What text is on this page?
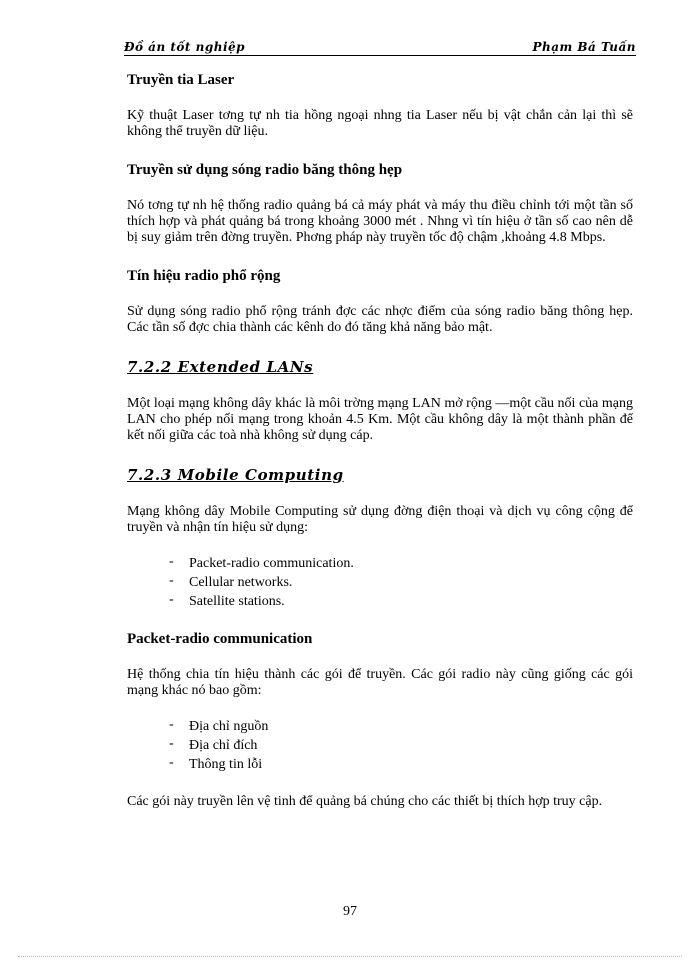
Đồ án tốt nghiệp	Phạm Bá Tuấn
Truyền tia Laser

Kỹ thuật Laser tơng tự nh tia hồng ngoại nhng tia Laser nếu bị vật chắn cản lại thì sẽ không thể truyền dữ liệu.

Truyền sử dụng sóng radio băng thông hẹp

Nó tơng tự nh hệ thống radio quảng bá cả máy phát và máy thu điều chỉnh tới một tần số thích hợp và phát quảng bá trong khoảng 3000 mét . Nhng vì tín hiệu ở tần số cao nên dễ bị suy giảm trên đờng truyền. Phơng pháp này truyền tốc độ chậm ,khoảng 4.8 Mbps.

Tín hiệu radio phổ rộng

Sử dụng sóng radio phổ rộng tránh đợc các nhợc điểm của sóng radio băng thông hẹp. Các tần số đợc chia thành các kênh do đó tăng khả năng bảo mật.

7.2.2 Extended LANs

Một loại mạng không dây khác là môi trờng mạng LAN mở rộng —một cầu nối của mạng LAN cho phép nối mạng trong khoản 4.5 Km. Một cầu không dây là một thành phần để kết nối giữa các toà nhà không sử dụng cáp.

7.2.3 Mobile Computing

Mạng không dây Mobile Computing sử dụng đờng điện thoại và dịch vụ công cộng để truyền và nhận tín hiệu sử dụng:

- Packet-radio communication.
- Cellular networks.
- Satellite stations.
Packet-radio communication

Hệ thống chia tín hiệu thành các gói để truyền. Các gói radio này cũng giống các gói mạng khác nó bao gồm:

- Địa chỉ nguồn
- Địa chỉ đích
- Thông tin lỗi

Các gói này truyền lên vệ tinh để quảng bá chúng cho các thiết bị thích hợp truy cập.

97
